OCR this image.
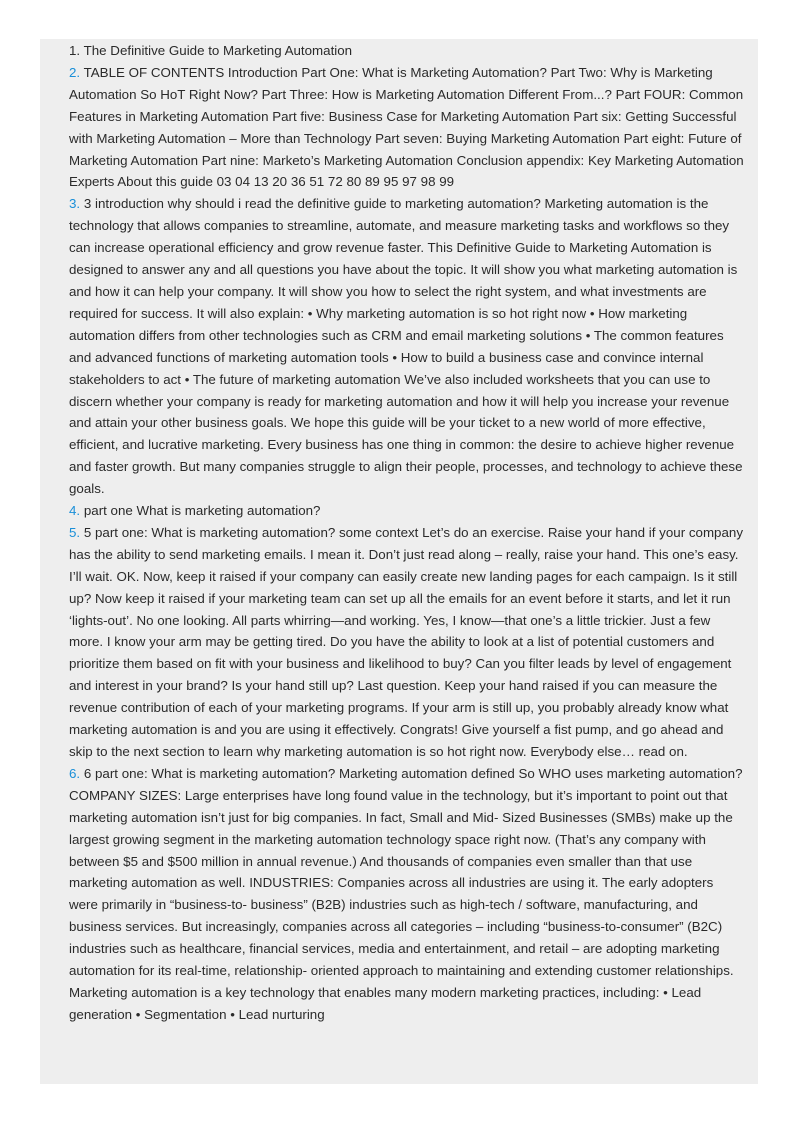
1. The Definitive Guide to Marketing Automation

2. TABLE OF CONTENTS Introduction Part One: What is Marketing Automation? Part Two: Why is Marketing Automation So HoT Right Now? Part Three: How is Marketing Automation Different From...? Part FOUR: Common Features in Marketing Automation Part five: Business Case for Marketing Automation Part six: Getting Successful with Marketing Automation – More than Technology Part seven: Buying Marketing Automation Part eight: Future of Marketing Automation Part nine: Marketo’s Marketing Automation Conclusion appendix: Key Marketing Automation Experts About this guide 03 04 13 20 36 51 72 80 89 95 97 98 99

3. 3 introduction why should i read the definitive guide to marketing automation? Marketing automation is the technology that allows companies to streamline, automate, and measure marketing tasks and workflows so they can increase operational efficiency and grow revenue faster. This Definitive Guide to Marketing Automation is designed to answer any and all questions you have about the topic. It will show you what marketing automation is and how it can help your company. It will show you how to select the right system, and what investments are required for success. It will also explain: • Why marketing automation is so hot right now • How marketing automation differs from other technologies such as CRM and email marketing solutions • The common features and advanced functions of marketing automation tools • How to build a business case and convince internal stakeholders to act • The future of marketing automation We’ve also included worksheets that you can use to discern whether your company is ready for marketing automation and how it will help you increase your revenue and attain your other business goals. We hope this guide will be your ticket to a new world of more effective, efficient, and lucrative marketing. Every business has one thing in common: the desire to achieve higher revenue and faster growth. But many companies struggle to align their people, processes, and technology to achieve these goals.

4. part one What is marketing automation?

5. 5 part one: What is marketing automation? some context Let’s do an exercise. Raise your hand if your company has the ability to send marketing emails. I mean it. Don’t just read along – really, raise your hand. This one’s easy. I’ll wait. OK. Now, keep it raised if your company can easily create new landing pages for each campaign. Is it still up? Now keep it raised if your marketing team can set up all the emails for an event before it starts, and let it run ‘lights-out’. No one looking. All parts whirring—and working. Yes, I know—that one’s a little trickier. Just a few more. I know your arm may be getting tired. Do you have the ability to look at a list of potential customers and prioritize them based on fit with your business and likelihood to buy? Can you filter leads by level of engagement and interest in your brand? Is your hand still up? Last question. Keep your hand raised if you can measure the revenue contribution of each of your marketing programs. If your arm is still up, you probably already know what marketing automation is and you are using it effectively. Congrats! Give yourself a fist pump, and go ahead and skip to the next section to learn why marketing automation is so hot right now. Everybody else… read on.

6. 6 part one: What is marketing automation? Marketing automation defined So WHO uses marketing automation? COMPANY SIZES: Large enterprises have long found value in the technology, but it’s important to point out that marketing automation isn’t just for big companies. In fact, Small and Mid- Sized Businesses (SMBs) make up the largest growing segment in the marketing automation technology space right now. (That’s any company with between $5 and $500 million in annual revenue.) And thousands of companies even smaller than that use marketing automation as well. INDUSTRIES: Companies across all industries are using it. The early adopters were primarily in “business-to- business” (B2B) industries such as high-tech / software, manufacturing, and business services. But increasingly, companies across all categories – including “business-to-consumer” (B2C) industries such as healthcare, financial services, media and entertainment, and retail – are adopting marketing automation for its real-time, relationship- oriented approach to maintaining and extending customer relationships. Marketing automation is a key technology that enables many modern marketing practices, including: • Lead generation • Segmentation • Lead nurturing
